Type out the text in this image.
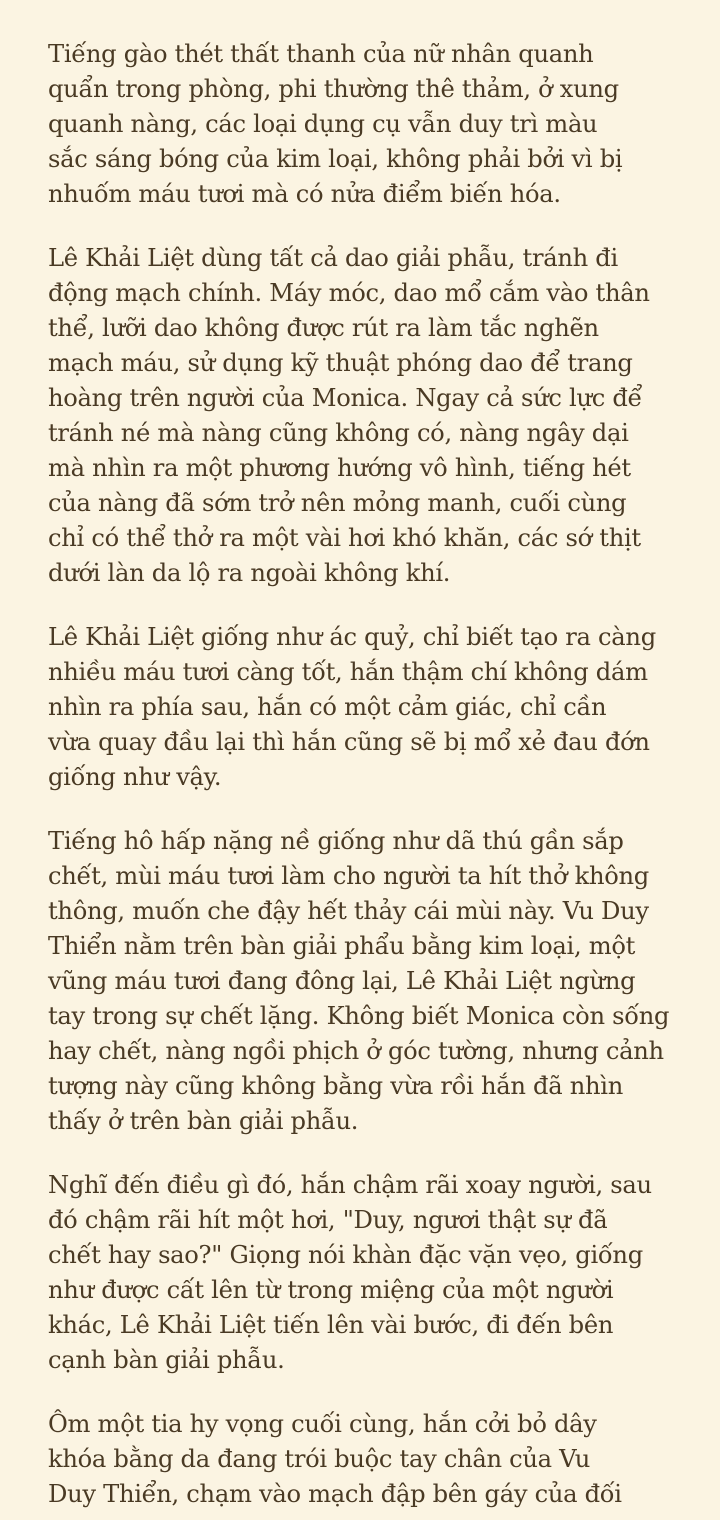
Tiếng gào thét thất thanh của nữ nhân quanh
quẩn trong phòng, phi thường thê thảm, ở xung
quanh nàng, các loại dụng cụ vẫn duy trì màu
sắc sáng bóng của kim loại, không phải bởi vì bị
nhuốm máu tươi mà có nửa điểm biến hóa.
Lê Khải Liệt dùng tất cả dao giải phẫu, tránh đi
động mạch chính. Máy móc, dao mổ cắm vào thân
thể, lưỡi dao không được rút ra làm tắc nghẽn
mạch máu, sử dụng kỹ thuật phóng dao để trang
hoàng trên người của Monica. Ngay cả sức lực để
tránh né mà nàng cũng không có, nàng ngây dại
mà nhìn ra một phương hướng vô hình, tiếng hét
của nàng đã sớm trở nên mỏng manh, cuối cùng
chỉ có thể thở ra một vài hơi khó khăn, các sớ thịt
dưới làn da lộ ra ngoài không khí.
Lê Khải Liệt giống như ác quỷ, chỉ biết tạo ra càng
nhiều máu tươi càng tốt, hắn thậm chí không dám
nhìn ra phía sau, hắn có một cảm giác, chỉ cần
vừa quay đầu lại thì hắn cũng sẽ bị mổ xẻ đau đớn
giống như vậy.
Tiếng hô hấp nặng nề giống như dã thú gần sắp
chết, mùi máu tươi làm cho người ta hít thở không
thông, muốn che đậy hết thảy cái mùi này. Vu Duy
Thiển nằm trên bàn giải phẩu bằng kim loại, một
vũng máu tươi đang đông lại, Lê Khải Liệt ngừng
tay trong sự chết lặng. Không biết Monica còn sống
hay chết, nàng ngồi phịch ở góc tường, nhưng cảnh
tượng này cũng không bằng vừa rồi hắn đã nhìn
thấy ở trên bàn giải phẫu.
Nghĩ đến điều gì đó, hắn chậm rãi xoay người, sau
đó chậm rãi hít một hơi, "Duy, ngươi thật sự đã
chết hay sao?" Giọng nói khàn đặc vặn vẹo, giống
như được cất lên từ trong miệng của một người
khác, Lê Khải Liệt tiến lên vài bước, đi đến bên
cạnh bàn giải phẫu.
Ôm một tia hy vọng cuối cùng, hắn cởi bỏ dây
khóa bằng da đang trói buộc tay chân của Vu
Duy Thiển, chạm vào mạch đập bên gáy của đối
